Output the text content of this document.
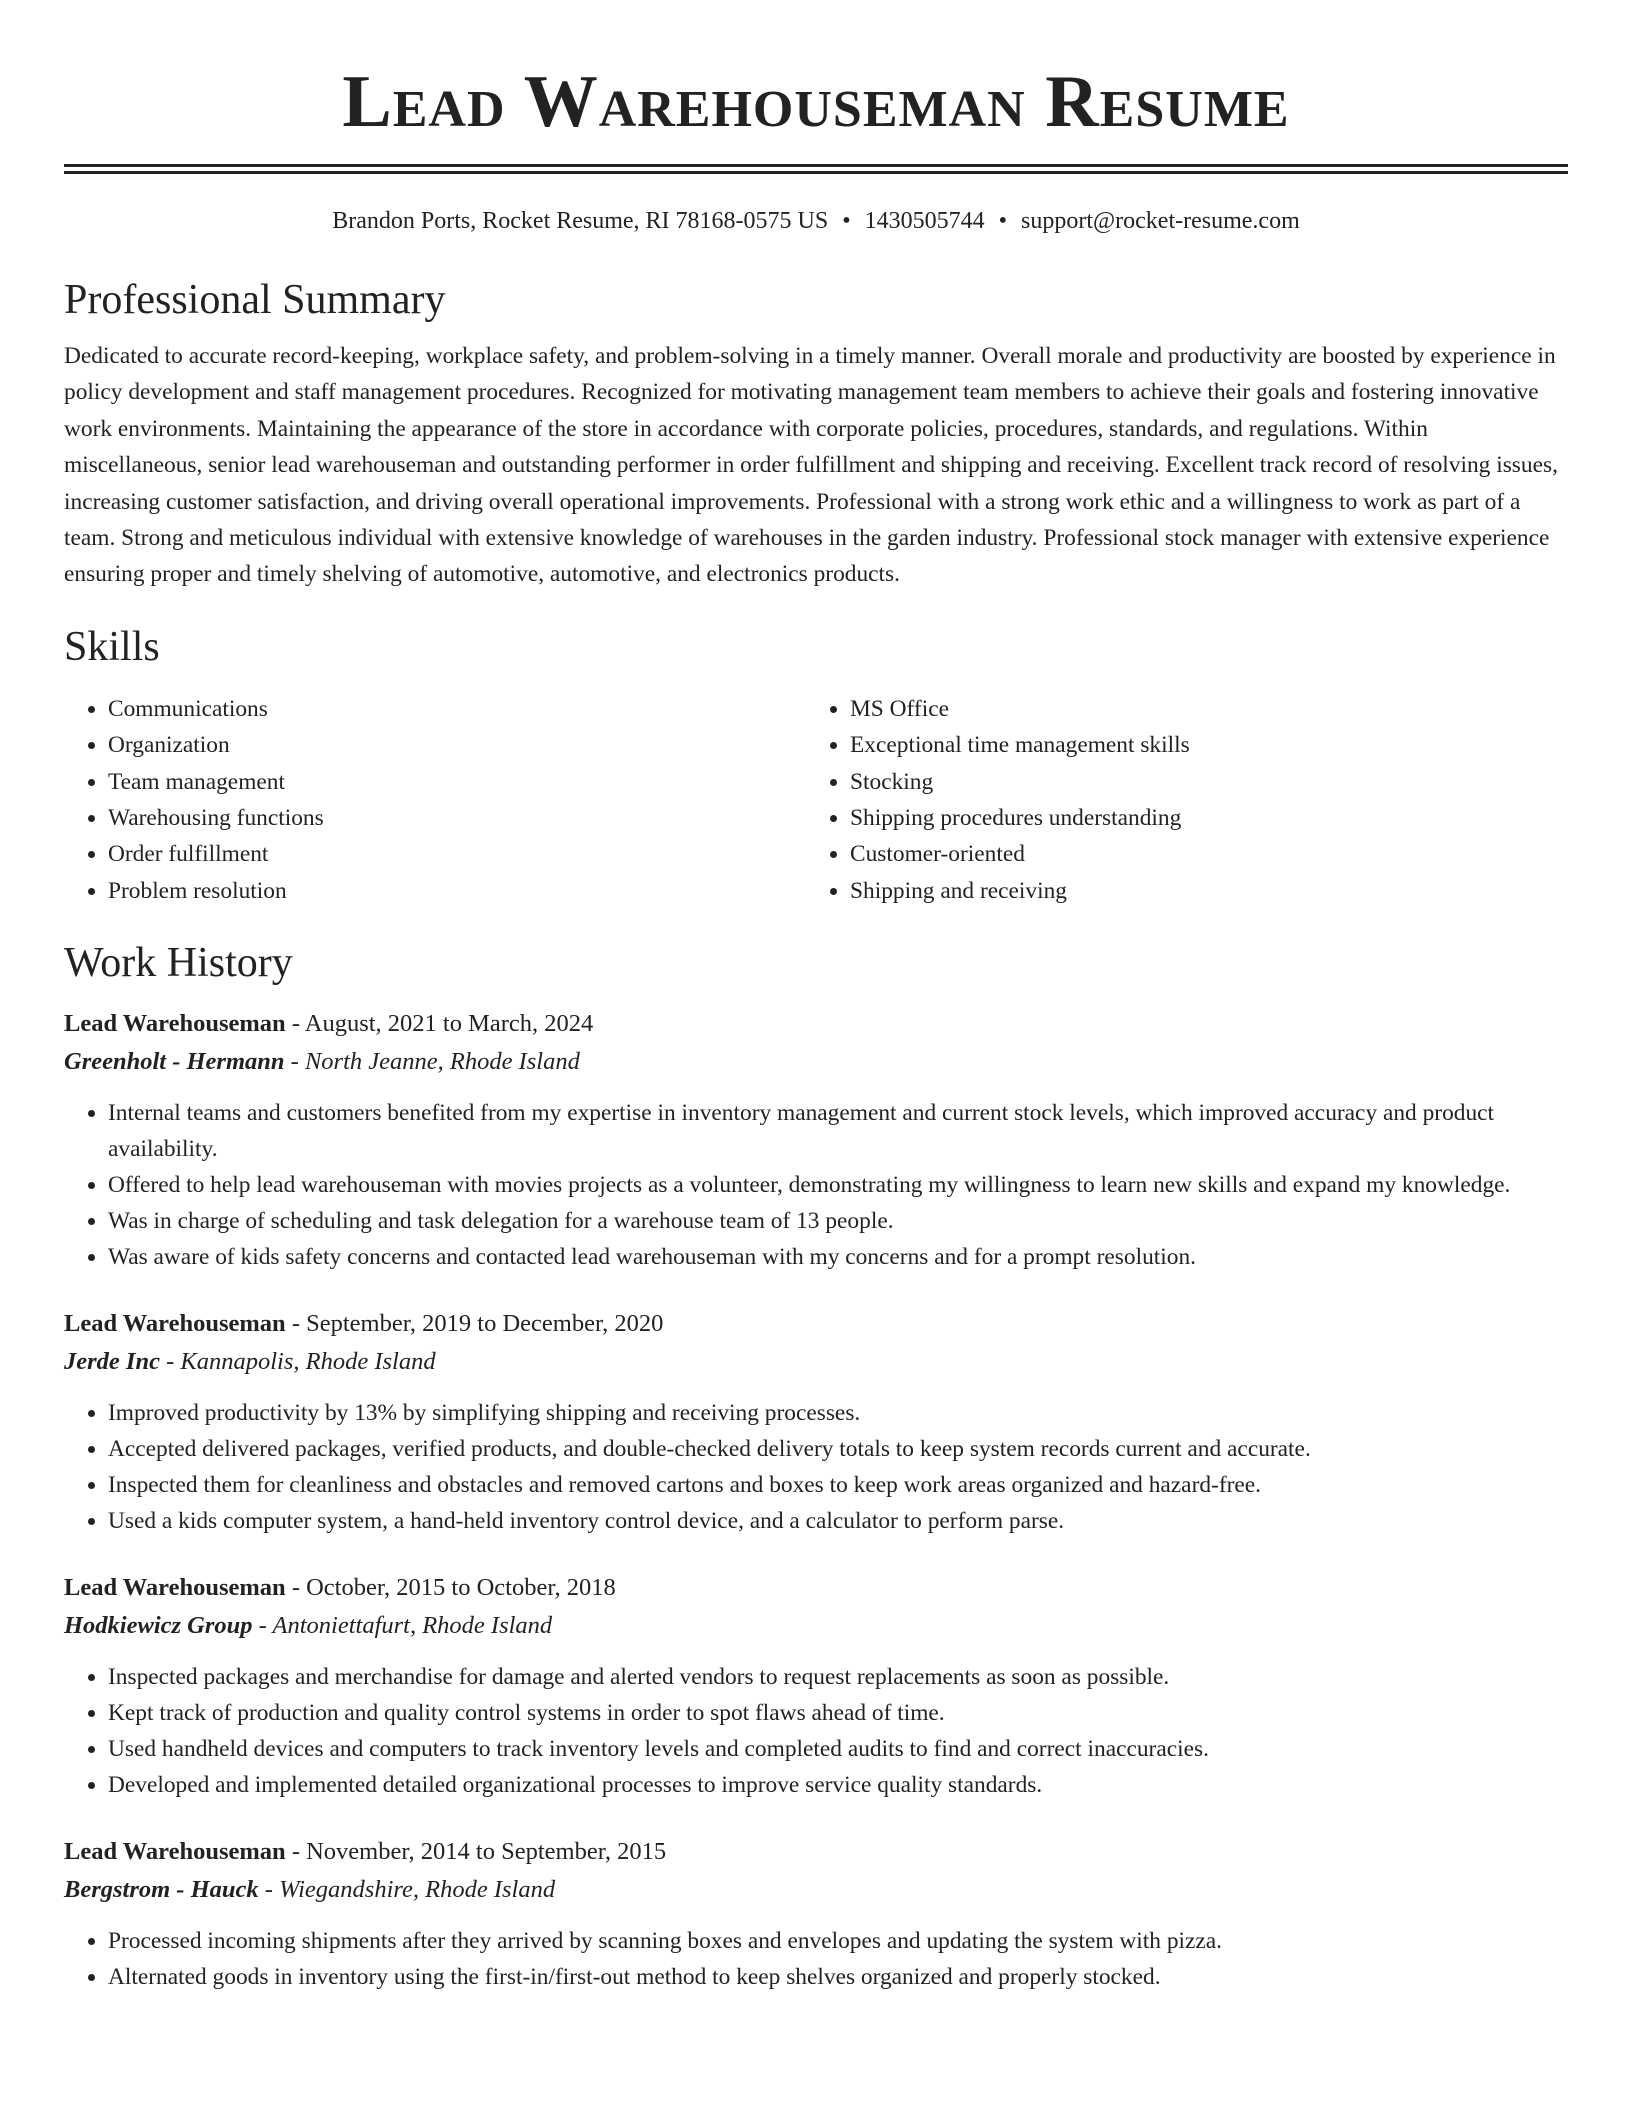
Lead Warehouseman Resume
Brandon Ports, Rocket Resume, RI 78168-0575 US • 1430505744 • support@rocket-resume.com
Professional Summary

Dedicated to accurate record-keeping, workplace safety, and problem-solving in a timely manner. Overall morale and productivity are boosted by experience in policy development and staff management procedures. Recognized for motivating management team members to achieve their goals and fostering innovative work environments. Maintaining the appearance of the store in accordance with corporate policies, procedures, standards, and regulations. Within miscellaneous, senior lead warehouseman and outstanding performer in order fulfillment and shipping and receiving. Excellent track record of resolving issues, increasing customer satisfaction, and driving overall operational improvements. Professional with a strong work ethic and a willingness to work as part of a team. Strong and meticulous individual with extensive knowledge of warehouses in the garden industry. Professional stock manager with extensive experience ensuring proper and timely shelving of automotive, automotive, and electronics products.

Skills
• Communications
• Organization
• Team management
• Warehousing functions
• Order fulfillment
• Problem resolution
• MS Office
• Exceptional time management skills
• Stocking
• Shipping procedures understanding
• Customer-oriented
• Shipping and receiving
Work History
Lead Warehouseman - August, 2021 to March, 2024
Greenholt - Hermann - North Jeanne, Rhode Island
• Internal teams and customers benefited from my expertise in inventory management and current stock levels, which improved accuracy and product availability.
• Offered to help lead warehouseman with movies projects as a volunteer, demonstrating my willingness to learn new skills and expand my knowledge.
• Was in charge of scheduling and task delegation for a warehouse team of 13 people.
• Was aware of kids safety concerns and contacted lead warehouseman with my concerns and for a prompt resolution.
Lead Warehouseman - September, 2019 to December, 2020
Jerde Inc - Kannapolis, Rhode Island
• Improved productivity by 13% by simplifying shipping and receiving processes.
• Accepted delivered packages, verified products, and double-checked delivery totals to keep system records current and accurate.
• Inspected them for cleanliness and obstacles and removed cartons and boxes to keep work areas organized and hazard-free.
• Used a kids computer system, a hand-held inventory control device, and a calculator to perform parse.
Lead Warehouseman - October, 2015 to October, 2018
Hodkiewicz Group - Antoniettafurt, Rhode Island
• Inspected packages and merchandise for damage and alerted vendors to request replacements as soon as possible.
• Kept track of production and quality control systems in order to spot flaws ahead of time.
• Used handheld devices and computers to track inventory levels and completed audits to find and correct inaccuracies.
• Developed and implemented detailed organizational processes to improve service quality standards.
Lead Warehouseman - November, 2014 to September, 2015
Bergstrom - Hauck - Wiegandshire, Rhode Island
• Processed incoming shipments after they arrived by scanning boxes and envelopes and updating the system with pizza.
• Alternated goods in inventory using the first-in/first-out method to keep shelves organized and properly stocked.
